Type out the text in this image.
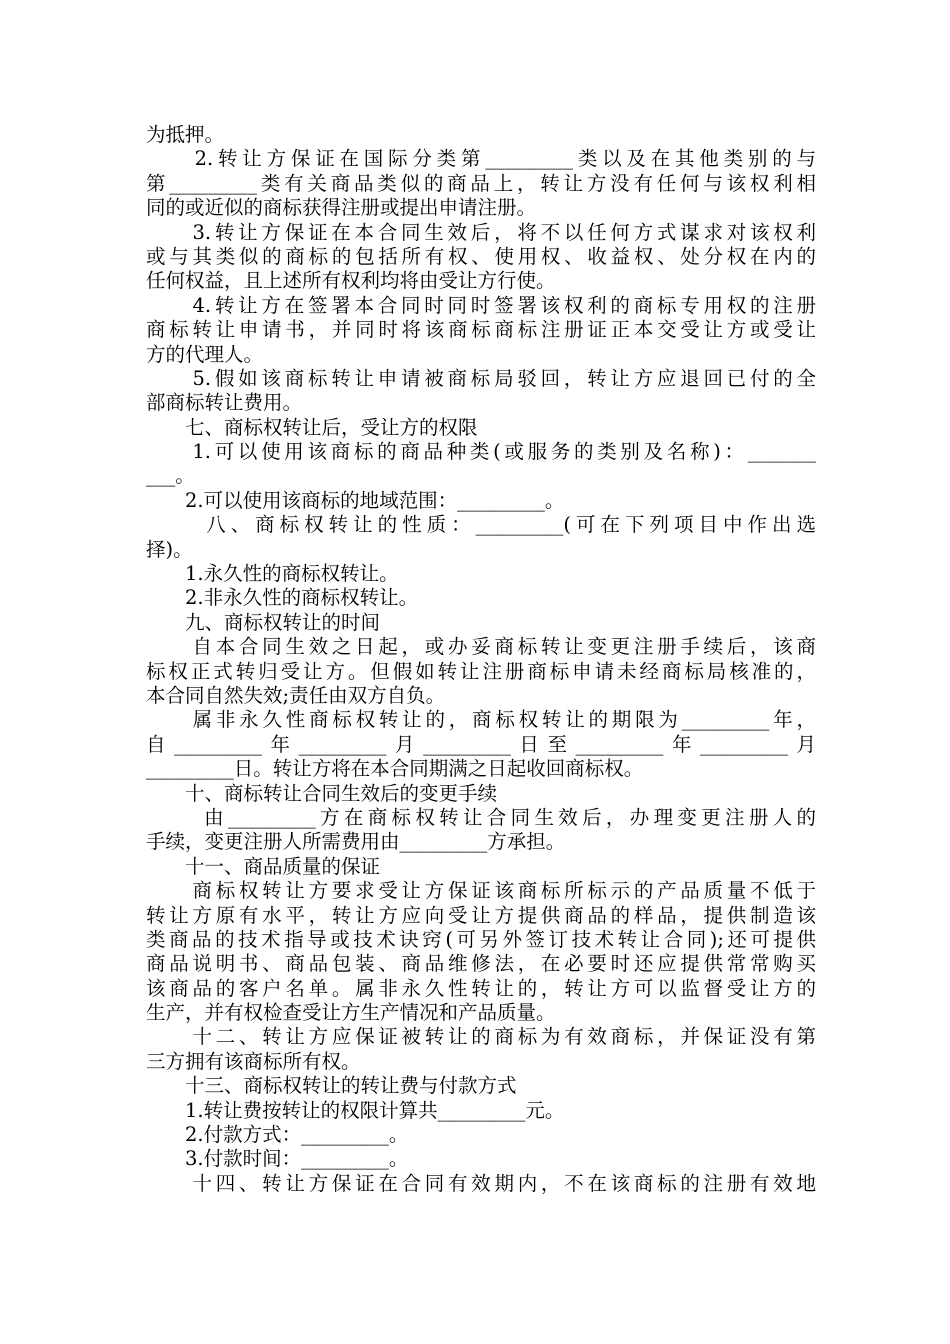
为抵押。
　　2.转让方保证在国际分类第_________类以及在其他类别的与
第_________类有关商品类似的商品上，转让方没有任何与该权利相
同的或近似的商标获得注册或提出申请注册。
　　3.转让方保证在本合同生效后，将不以任何方式谋求对该权利
或与其类似的商标的包括所有权、使用权、收益权、处分权在内的
任何权益，且上述所有权利均将由受让方行使。
　　4.转让方在签署本合同时同时签署该权利的商标专用权的注册
商标转让申请书，并同时将该商标商标注册证正本交受让方或受让
方的代理人。
　　5.假如该商标转让申请被商标局驳回，转让方应退回已付的全
部商标转让费用。
　　七、商标权转让后，受让方的权限
　　1.可以使用该商标的商品种类(或服务的类别及名称)：_______
___。
　　2.可以使用该商标的地域范围：_________。
　　 八、商标权转让的性质：_________(可在下列项目中作出选
择)。
　　1.永久性的商标权转让。
　　2.非永久性的商标权转让。
　　九、商标权转让的时间
　　自本合同生效之日起，或办妥商标转让变更注册手续后，该商
标权正式转归受让方。但假如转让注册商标申请未经商标局核准的，
本合同自然失效;责任由双方自负。
　　属非永久性商标权转让的，商标权转让的期限为_________年，
自_________年_________月_________日至_________年_________月
_________日。转让方将在本合同期满之日起收回商标权。
　　十、商标转让合同生效后的变更手续
　　 由_________方在商标权转让合同生效后，办理变更注册人的
手续，变更注册人所需费用由_________方承担。
　　十一、商品质量的保证
　　商标权转让方要求受让方保证该商标所标示的产品质量不低于
转让方原有水平，转让方应向受让方提供商品的样品，提供制造该
类商品的技术指导或技术诀窍(可另外签订技术转让合同);还可提供
商品说明书、商品包装、商品维修法，在必要时还应提供常常购买
该商品的客户名单。属非永久性转让的，转让方可以监督受让方的
生产，并有权检查受让方生产情况和产品质量。
　　十二、转让方应保证被转让的商标为有效商标，并保证没有第
三方拥有该商标所有权。
　　十三、商标权转让的转让费与付款方式
　　1.转让费按转让的权限计算共_________元。
　　2.付款方式：_________。
　　3.付款时间：_________。
　　十四、转让方保证在合同有效期内，不在该商标的注册有效地
